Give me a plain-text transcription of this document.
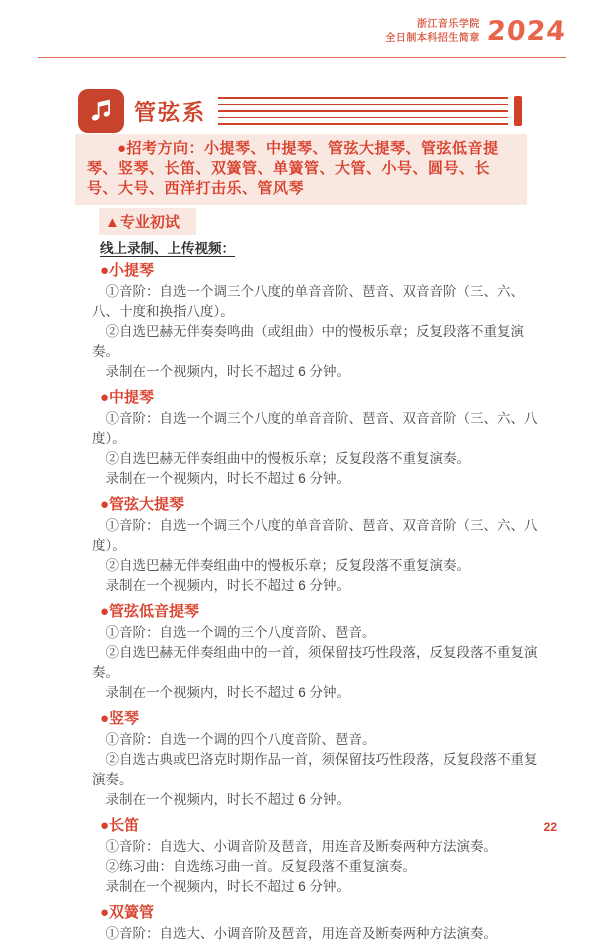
浙江音乐学院
全日制本科招生简章 2024
管弦系

●招考方向：小提琴、中提琴、管弦大提琴、管弦低音提琴、竖琴、长笛、双簧管、单簧管、大管、小号、圆号、长号、大号、西洋打击乐、管风琴

▲专业初试
线上录制、上传视频：
●小提琴

①音阶：自选一个调三个八度的单音音阶、琶音、双音音阶（三、六、八、十度和换指八度）。

②自选巴赫无伴奏奏鸣曲（或组曲）中的慢板乐章；反复段落不重复演奏。

录制在一个视频内，时长不超过 6 分钟。

●中提琴

①音阶：自选一个调三个八度的单音音阶、琶音、双音音阶（三、六、八度）。

②自选巴赫无伴奏组曲中的慢板乐章；反复段落不重复演奏。

录制在一个视频内，时长不超过 6 分钟。

●管弦大提琴

①音阶：自选一个调三个八度的单音音阶、琶音、双音音阶（三、六、八度）。

②自选巴赫无伴奏组曲中的慢板乐章；反复段落不重复演奏。

录制在一个视频内，时长不超过 6 分钟。

●管弦低音提琴

①音阶：自选一个调的三个八度音阶、琶音。

②自选巴赫无伴奏组曲中的一首，须保留技巧性段落，反复段落不重复演奏。

录制在一个视频内，时长不超过 6 分钟。

●竖琴

①音阶：自选一个调的四个八度音阶、琶音。

②自选古典或巴洛克时期作品一首，须保留技巧性段落，反复段落不重复演奏。

录制在一个视频内，时长不超过 6 分钟。

●长笛

①音阶：自选大、小调音阶及琶音，用连音及断奏两种方法演奏。

②练习曲：自选练习曲一首。反复段落不重复演奏。

录制在一个视频内，时长不超过 6 分钟。

●双簧管

①音阶：自选大、小调音阶及琶音，用连音及断奏两种方法演奏。

22
